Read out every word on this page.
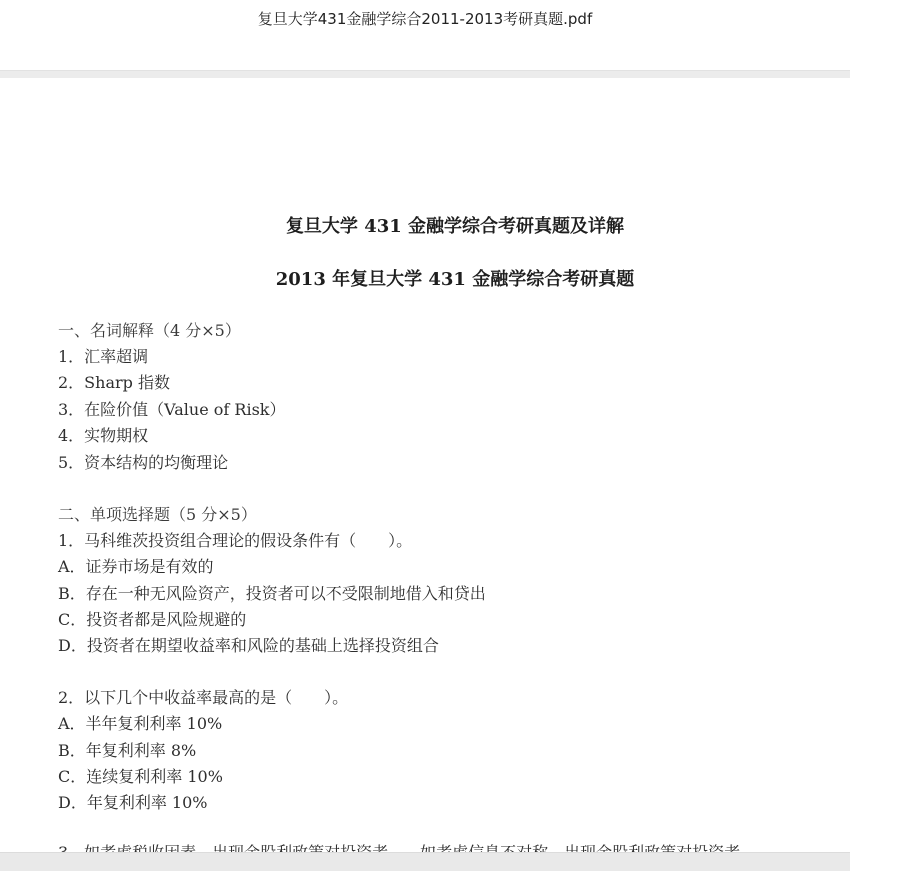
复旦大学431金融学综合2011-2013考研真题.pdf
复旦大学 431 金融学综合考研真题及详解
2013 年复旦大学 431 金融学综合考研真题
一、名词解释（4 分×5）
1．汇率超调
2．Sharp 指数
3．在险价值（Value of Risk）
4．实物期权
5．资本结构的均衡理论
二、单项选择题（5 分×5）
1．马科维茨投资组合理论的假设条件有（　　）。
A．证券市场是有效的
B．存在一种无风险资产，投资者可以不受限制地借入和贷出
C．投资者都是风险规避的
D．投资者在期望收益率和风险的基础上选择投资组合
2．以下几个中收益率最高的是（　　）。
A．半年复利利率 10%
B．年复利利率 8%
C．连续复利利率 10%
D．年复利利率 10%
